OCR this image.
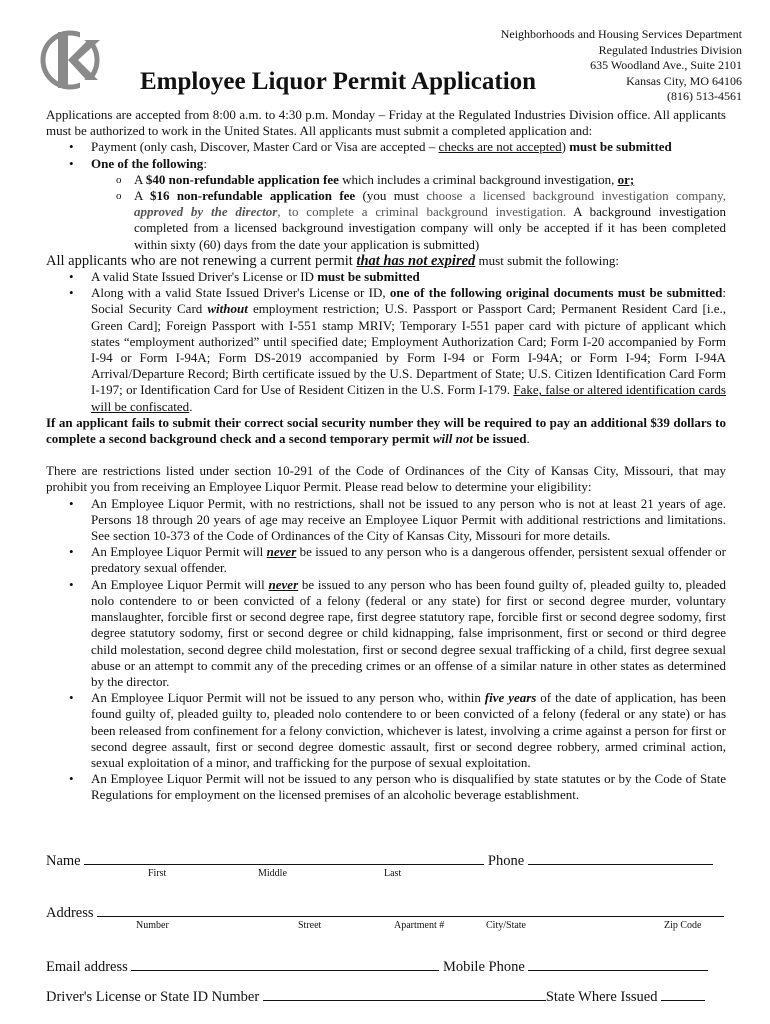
Employee Liquor Permit Application
Neighborhoods and Housing Services Department
Regulated Industries Division
635 Woodland Ave., Suite 2101
Kansas City, MO 64106
(816) 513-4561

Applications are accepted from 8:00 a.m. to 4:30 p.m. Monday – Friday at the Regulated Industries Division office. All applicants must be authorized to work in the United States. All applicants must submit a completed application and:

• Payment (only cash, Discover, Master Card or Visa are accepted – checks are not accepted) must be submitted
• One of the following:
o A $40 non-refundable application fee which includes a criminal background investigation, or;
o A $16 non-refundable application fee (you must choose a licensed background investigation company, approved by the director, to complete a criminal background investigation. A background investigation completed from a licensed background investigation company will only be accepted if it has been completed within sixty (60) days from the date your application is submitted)

All applicants who are not renewing a current permit that has not expired must submit the following:

• A valid State Issued Driver's License or ID must be submitted
• Along with a valid State Issued Driver's License or ID, one of the following original documents must be submitted: Social Security Card without employment restriction; U.S. Passport or Passport Card; Permanent Resident Card [i.e., Green Card]; Foreign Passport with I-551 stamp MRIV; Temporary I-551 paper card with picture of applicant which states “employment authorized” until specified date; Employment Authorization Card; Form I-20 accompanied by Form I-94 or Form I-94A; Form DS-2019 accompanied by Form I-94 or Form I-94A; or Form I-94; Form I-94A Arrival/Departure Record; Birth certificate issued by the U.S. Department of State; U.S. Citizen Identification Card Form I-197; or Identification Card for Use of Resident Citizen in the U.S. Form I-179. Fake, false or altered identification cards will be confiscated.

If an applicant fails to submit their correct social security number they will be required to pay an additional $39 dollars to complete a second background check and a second temporary permit will not be issued.

There are restrictions listed under section 10-291 of the Code of Ordinances of the City of Kansas City, Missouri, that may prohibit you from receiving an Employee Liquor Permit. Please read below to determine your eligibility:

• An Employee Liquor Permit, with no restrictions, shall not be issued to any person who is not at least 21 years of age. Persons 18 through 20 years of age may receive an Employee Liquor Permit with additional restrictions and limitations. See section 10-373 of the Code of Ordinances of the City of Kansas City, Missouri for more details.
• An Employee Liquor Permit will never be issued to any person who is a dangerous offender, persistent sexual offender or predatory sexual offender.
• An Employee Liquor Permit will never be issued to any person who has been found guilty of, pleaded guilty to, pleaded nolo contendere to or been convicted of a felony (federal or any state) for first or second degree murder, voluntary manslaughter, forcible first or second degree rape, first degree statutory rape, forcible first or second degree sodomy, first degree statutory sodomy, first or second degree or child kidnapping, false imprisonment, first or second or third degree child molestation, second degree child molestation, first or second degree sexual trafficking of a child, first degree sexual abuse or an attempt to commit any of the preceding crimes or an offense of a similar nature in other states as determined by the director.
• An Employee Liquor Permit will not be issued to any person who, within five years of the date of application, has been found guilty of, pleaded guilty to, pleaded nolo contendere to or been convicted of a felony (federal or any state) or has been released from confinement for a felony conviction, whichever is latest, involving a crime against a person for first or second degree assault, first or second degree domestic assault, first or second degree robbery, armed criminal action, sexual exploitation of a minor, and trafficking for the purpose of sexual exploitation.
• An Employee Liquor Permit will not be issued to any person who is disqualified by state statutes or by the Code of State Regulations for employment on the licensed premises of an alcoholic beverage establishment.
Name	Phone
First	Middle	Last
Address
Number	Street	Apartment #	City/State	Zip Code
Email address	Mobile Phone
Driver's License or State ID Number	State Where Issued
